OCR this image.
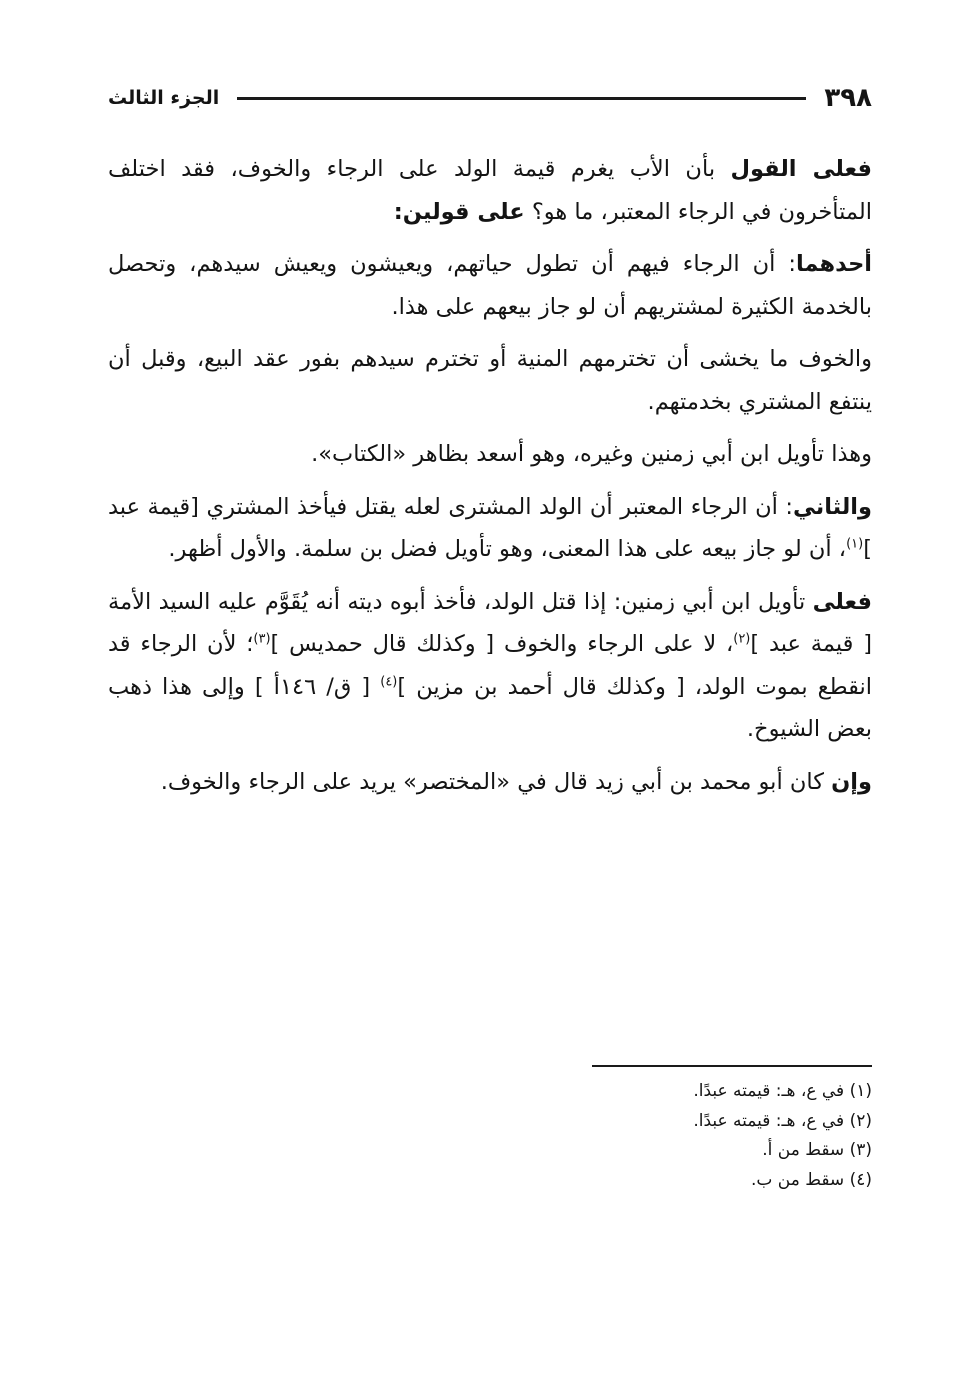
٣٩٨
الجزء الثالث

فعلى القول بأن الأب يغرم قيمة الولد على الرجاء والخوف، فقد اختلف المتأخرون في الرجاء المعتبر، ما هو؟ على قولين:

أحدهما: أن الرجاء فيهم أن تطول حياتهم، ويعيشون ويعيش سيدهم، وتحصل بالخدمة الكثيرة لمشتريهم أن لو جاز بيعهم على هذا.

والخوف ما يخشى أن تخترمهم المنية أو تخترم سيدهم بفور عقد البيع، وقبل أن ينتفع المشتري بخدمتهم.

وهذا تأويل ابن أبي زمنين وغيره، وهو أسعد بظاهر «الكتاب».

والثاني: أن الرجاء المعتبر أن الولد المشترى لعله يقتل فيأخذ المشتري [قيمة عبد ]$^{(١)}$، أن لو جاز بيعه على هذا المعنى، وهو تأويل فضل بن سلمة. والأول أظهر.

فعلى تأويل ابن أبي زمنين: إذا قتل الولد، فأخذ أبوه ديته أنه يُقَوَّم عليه السيد الأمة [ قيمة عبد ]$^{(٢)}$، لا على الرجاء والخوف [ وكذلك قال حمديس ]$^{(٣)}$؛ لأن الرجاء قد انقطع بموت الولد، [ وكذلك قال أحمد بن مزين ]$^{(٤)}$ [ ق/ ١٤٦أ ] وإلى هذا ذهب بعض الشيوخ.

وإن كان أبو محمد بن أبي زيد قال في «المختصر» يريد على الرجاء والخوف.

(١) في ع، هـ: قيمته عبدًا.

(٢) في ع، هـ: قيمته عبدًا.

(٣) سقط من أ.

(٤) سقط من ب.
